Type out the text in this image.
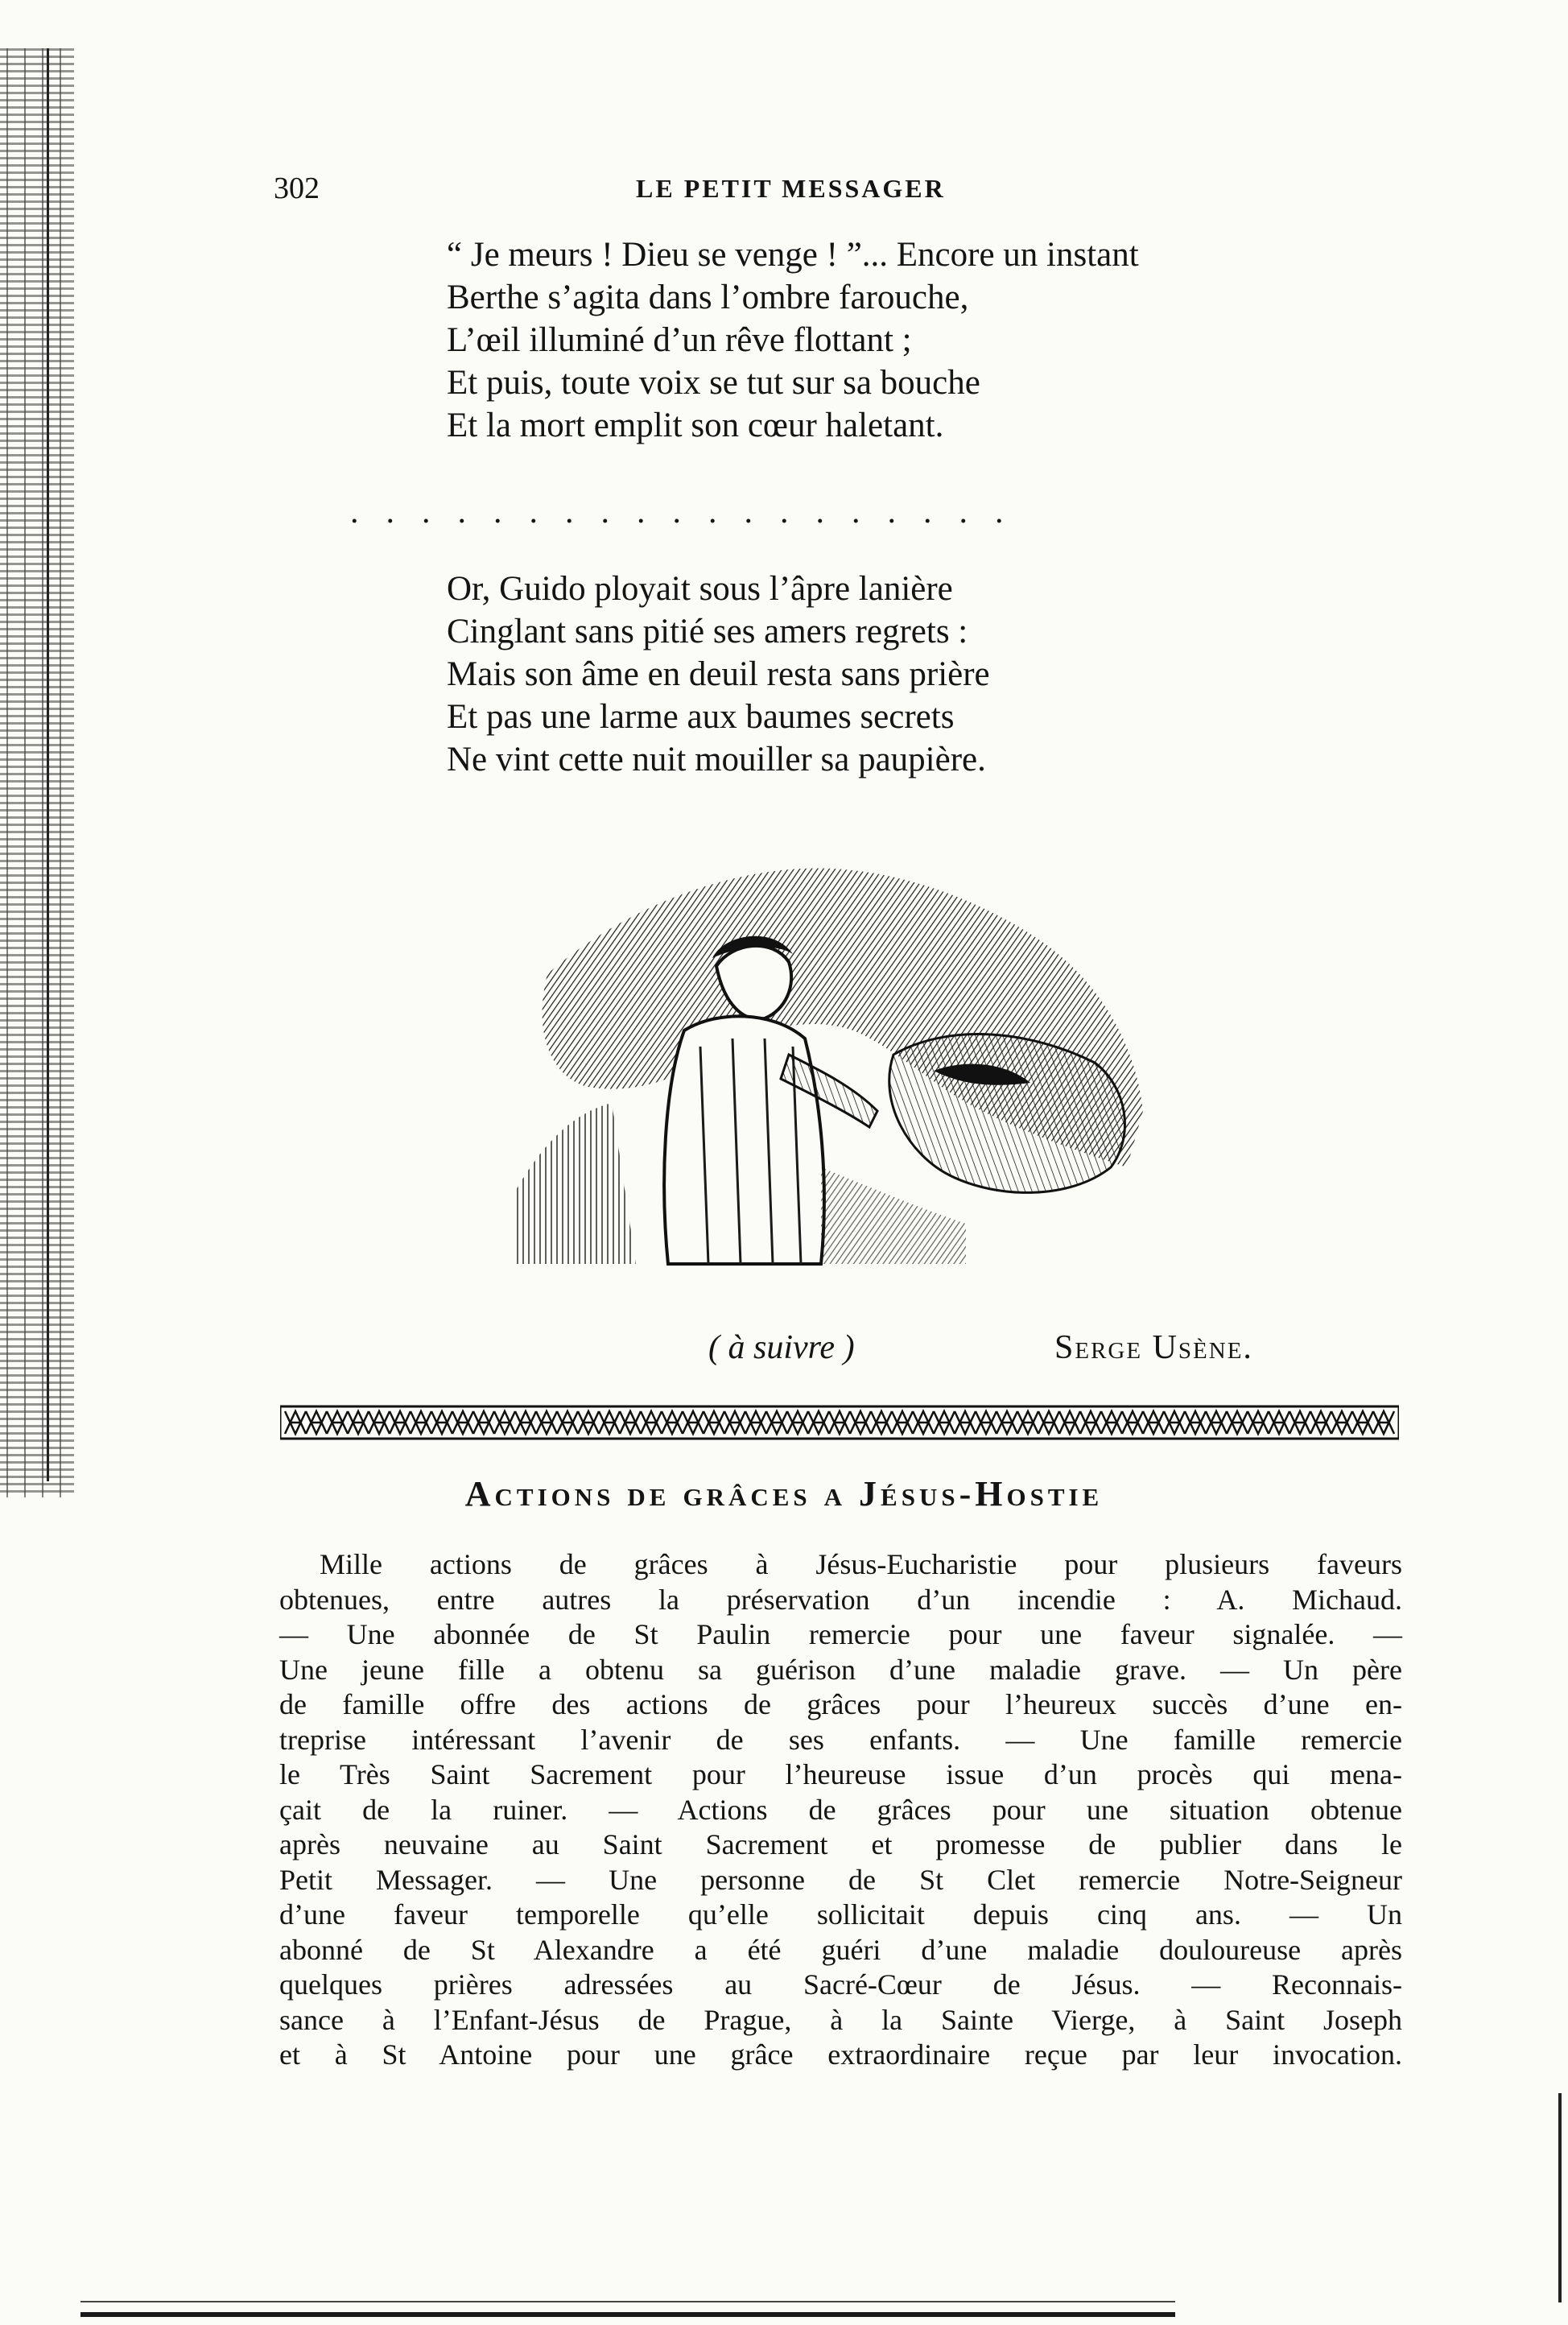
302	LE PETIT MESSAGER
“ Je meurs ! Dieu se venge ! ”... Encore un instant
Berthe s’agita dans l’ombre farouche,
L’œil illuminé d’un rêve flottant ;
Et puis, toute voix se tut sur sa bouche
Et la mort emplit son cœur haletant.
...................
Or, Guido ployait sous l’âpre lanière
Cinglant sans pitié ses amers regrets :
Mais son âme en deuil resta sans prière
Et pas une larme aux baumes secrets
Ne vint cette nuit mouiller sa paupière.
( à suivre )	Serge Usène.
Actions de grâces a Jésus-Hostie
Mille actions de grâces à Jésus-Eucharistie pour plusieurs faveurs
obtenues, entre autres la préservation d’un incendie : A. Michaud.
— Une abonnée de St Paulin remercie pour une faveur signalée. —
Une jeune fille a obtenu sa guérison d’une maladie grave. — Un père
de famille offre des actions de grâces pour l’heureux succès d’une en-
treprise intéressant l’avenir de ses enfants. — Une famille remercie
le Très Saint Sacrement pour l’heureuse issue d’un procès qui mena-
çait de la ruiner. — Actions de grâces pour une situation obtenue
après neuvaine au Saint Sacrement et promesse de publier dans le
Petit Messager. — Une personne de St Clet remercie Notre-Seigneur
d’une faveur temporelle qu’elle sollicitait depuis cinq ans. — Un
abonné de St Alexandre a été guéri d’une maladie douloureuse après
quelques prières adressées au Sacré-Cœur de Jésus. — Reconnais-
sance à l’Enfant-Jésus de Prague, à la Sainte Vierge, à Saint Joseph
et à St Antoine pour une grâce extraordinaire reçue par leur invocation.
